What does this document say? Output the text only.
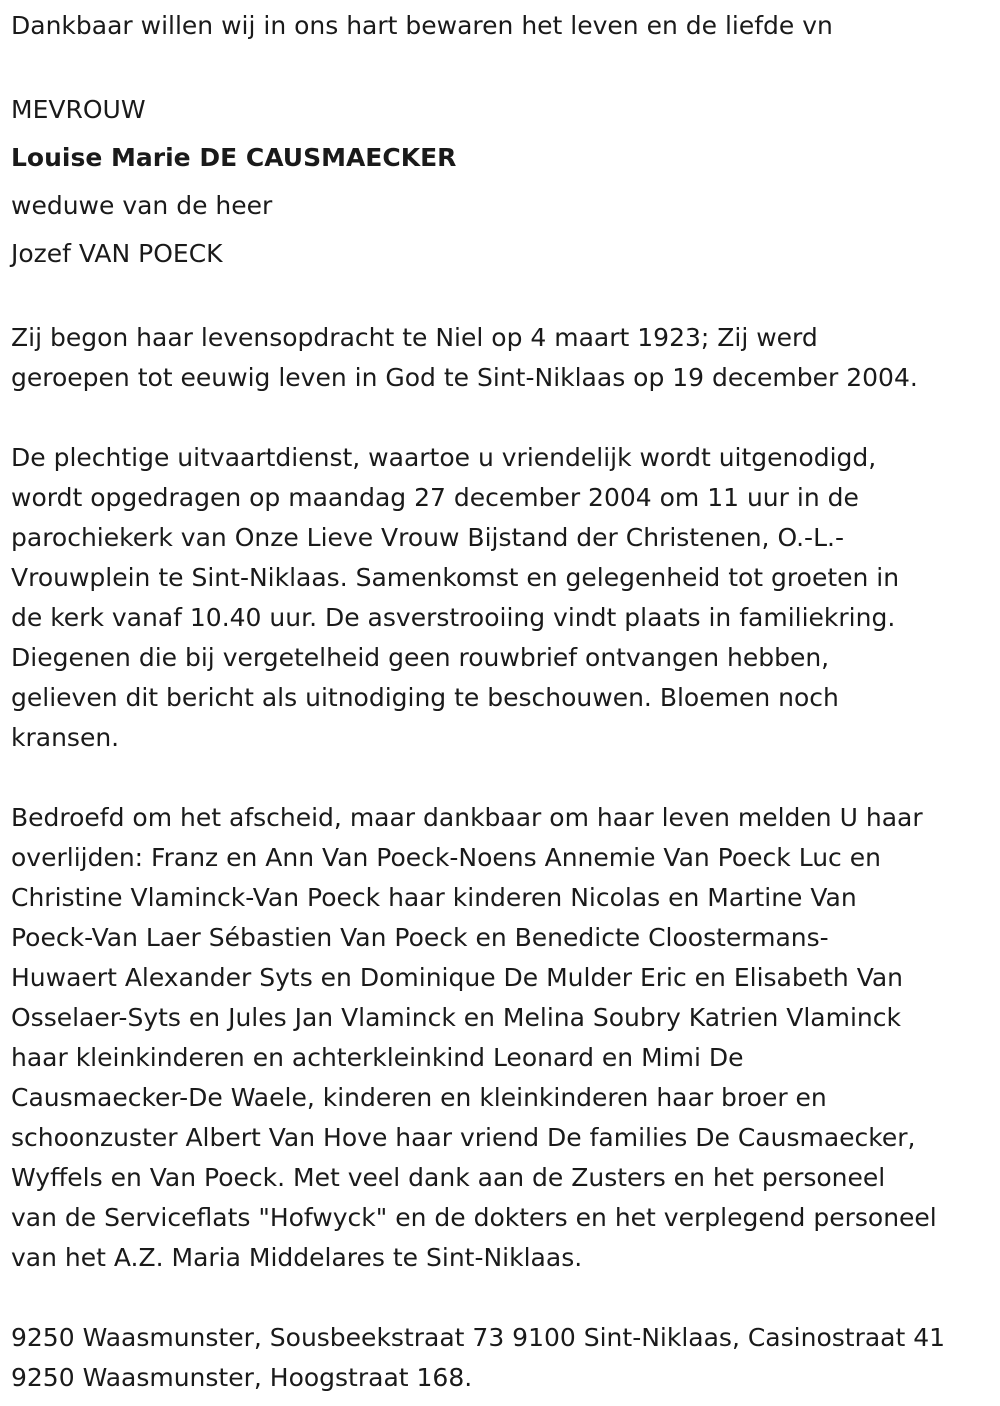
Dankbaar willen wij in ons hart bewaren het leven en de liefde vn

MEVROUW

Louise Marie DE CAUSMAECKER

weduwe van de heer

Jozef VAN POECK

Zij begon haar levensopdracht te Niel op 4 maart 1923; Zij werd

geroepen tot eeuwig leven in God te Sint-Niklaas op 19 december 2004.

De plechtige uitvaartdienst, waartoe u vriendelijk wordt uitgenodigd,

wordt opgedragen op maandag 27 december 2004 om 11 uur in de

parochiekerk van Onze Lieve Vrouw Bijstand der Christenen, O.-L.-

Vrouwplein te Sint-Niklaas. Samenkomst en gelegenheid tot groeten in

de kerk vanaf 10.40 uur. De asverstrooiing vindt plaats in familiekring.

Diegenen die bij vergetelheid geen rouwbrief ontvangen hebben,

gelieven dit bericht als uitnodiging te beschouwen. Bloemen noch

kransen.

Bedroefd om het afscheid, maar dankbaar om haar leven melden U haar

overlijden: Franz en Ann Van Poeck-Noens Annemie Van Poeck Luc en

Christine Vlaminck-Van Poeck haar kinderen Nicolas en Martine Van

Poeck-Van Laer Sébastien Van Poeck en Benedicte Cloostermans-

Huwaert Alexander Syts en Dominique De Mulder Eric en Elisabeth Van

Osselaer-Syts en Jules Jan Vlaminck en Melina Soubry Katrien Vlaminck

haar kleinkinderen en achterkleinkind Leonard en Mimi De

Causmaecker-De Waele, kinderen en kleinkinderen haar broer en

schoonzuster Albert Van Hove haar vriend De families De Causmaecker,

Wyffels en Van Poeck. Met veel dank aan de Zusters en het personeel

van de Serviceflats "Hofwyck" en de dokters en het verplegend personeel

van het A.Z. Maria Middelares te Sint-Niklaas.

9250 Waasmunster, Sousbeekstraat 73 9100 Sint-Niklaas, Casinostraat 41

9250 Waasmunster, Hoogstraat 168.
